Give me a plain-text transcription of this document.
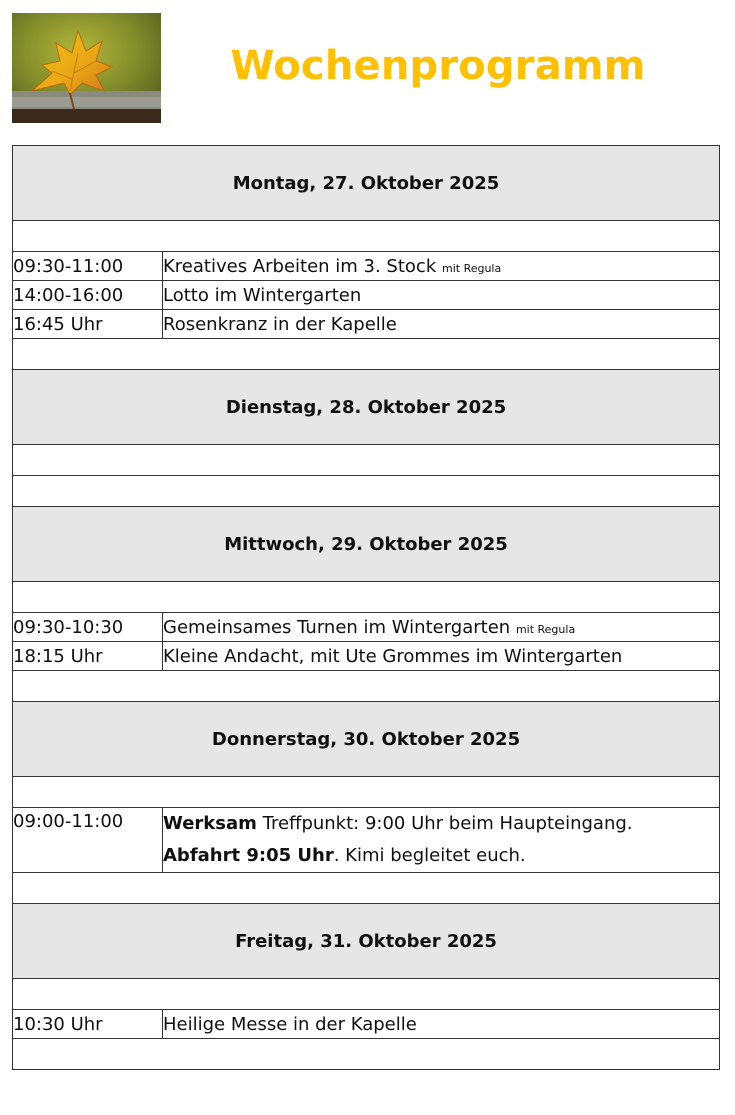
Wochenprogramm
Montag, 27. Oktober 2025	

09:30-11:00	Kreatives Arbeiten im 3. Stock mit Regula
14:00-16:00	Lotto im Wintergarten
16:45 Uhr	Rosenkranz in der Kapelle

Dienstag, 28. Oktober 2025	

Mittwoch, 29. Oktober 2025	

09:30-10:30	Gemeinsames Turnen im Wintergarten mit Regula
18:15 Uhr	Kleine Andacht, mit Ute Grommes im Wintergarten

Donnerstag, 30. Oktober 2025	

09:00-11:00	Werksam Treffpunkt: 9:00 Uhr beim Haupteingang.
Abfahrt 9:05 Uhr. Kimi begleitet euch.

Freitag, 31. Oktober 2025	

10:30 Uhr	Heilige Messe in der Kapelle
